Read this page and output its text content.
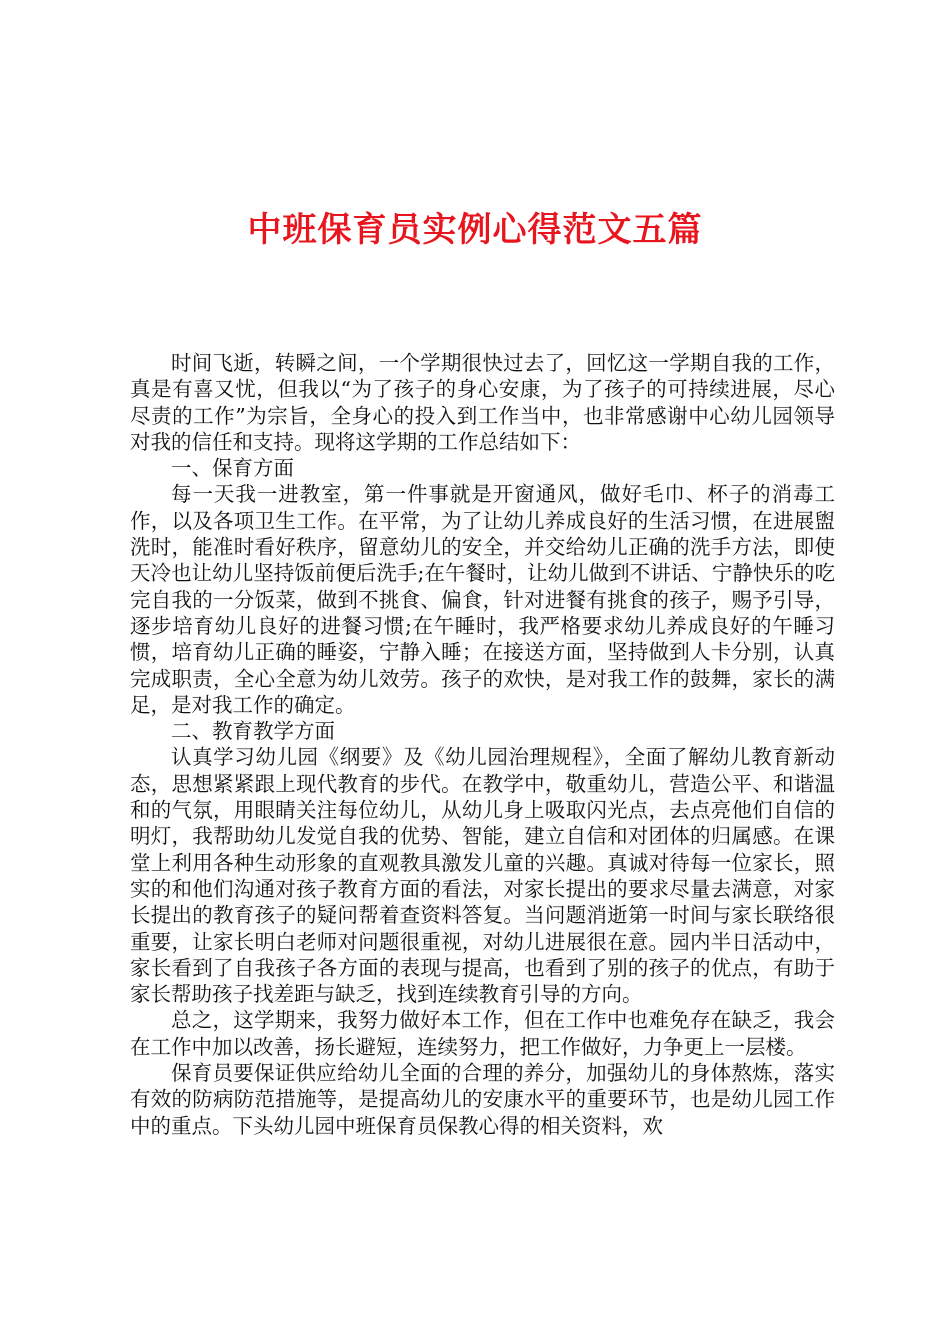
中班保育员实例心得范文五篇

时间飞逝，转瞬之间，一个学期很快过去了，回忆这一学期自我的工作，真是有喜又忧，但我以“为了孩子的身心安康，为了孩子的可持续进展，尽心尽责的工作”为宗旨，全身心的投入到工作当中，也非常感谢中心幼儿园领导对我的信任和支持。现将这学期的工作总结如下：

一、保育方面

每一天我一进教室，第一件事就是开窗通风，做好毛巾、杯子的消毒工作，以及各项卫生工作。在平常，为了让幼儿养成良好的生活习惯，在进展盥洗时，能准时看好秩序，留意幼儿的安全，并交给幼儿正确的洗手方法，即使天冷也让幼儿坚持饭前便后洗手;在午餐时，让幼儿做到不讲话、宁静快乐的吃完自我的一分饭菜，做到不挑食、偏食，针对进餐有挑食的孩子，赐予引导，逐步培育幼儿良好的进餐习惯;在午睡时，我严格要求幼儿养成良好的午睡习惯，培育幼儿正确的睡姿，宁静入睡；在接送方面，坚持做到人卡分别，认真完成职责，全心全意为幼儿效劳。孩子的欢快，是对我工作的鼓舞，家长的满足，是对我工作的确定。

二、教育教学方面

认真学习幼儿园《纲要》及《幼儿园治理规程》，全面了解幼儿教育新动态，思想紧紧跟上现代教育的步代。在教学中，敬重幼儿，营造公平、和谐温和的气氛，用眼睛关注每位幼儿，从幼儿身上吸取闪光点，去点亮他们自信的明灯，我帮助幼儿发觉自我的优势、智能，建立自信和对团体的归属感。在课堂上利用各种生动形象的直观教具激发儿童的兴趣。真诚对待每一位家长，照实的和他们沟通对孩子教育方面的看法，对家长提出的要求尽量去满意，对家长提出的教育孩子的疑问帮着查资料答复。当问题消逝第一时间与家长联络很重要，让家长明白老师对问题很重视，对幼儿进展很在意。园内半日活动中，家长看到了自我孩子各方面的表现与提高，也看到了别的孩子的优点，有助于家长帮助孩子找差距与缺乏，找到连续教育引导的方向。

总之，这学期来，我努力做好本工作，但在工作中也难免存在缺乏，我会在工作中加以改善，扬长避短，连续努力，把工作做好，力争更上一层楼。

保育员要保证供应给幼儿全面的合理的养分，加强幼儿的身体熬炼，落实有效的防病防范措施等，是提高幼儿的安康水平的重要环节，也是幼儿园工作中的重点。下头幼儿园中班保育员保教心得的相关资料，欢
